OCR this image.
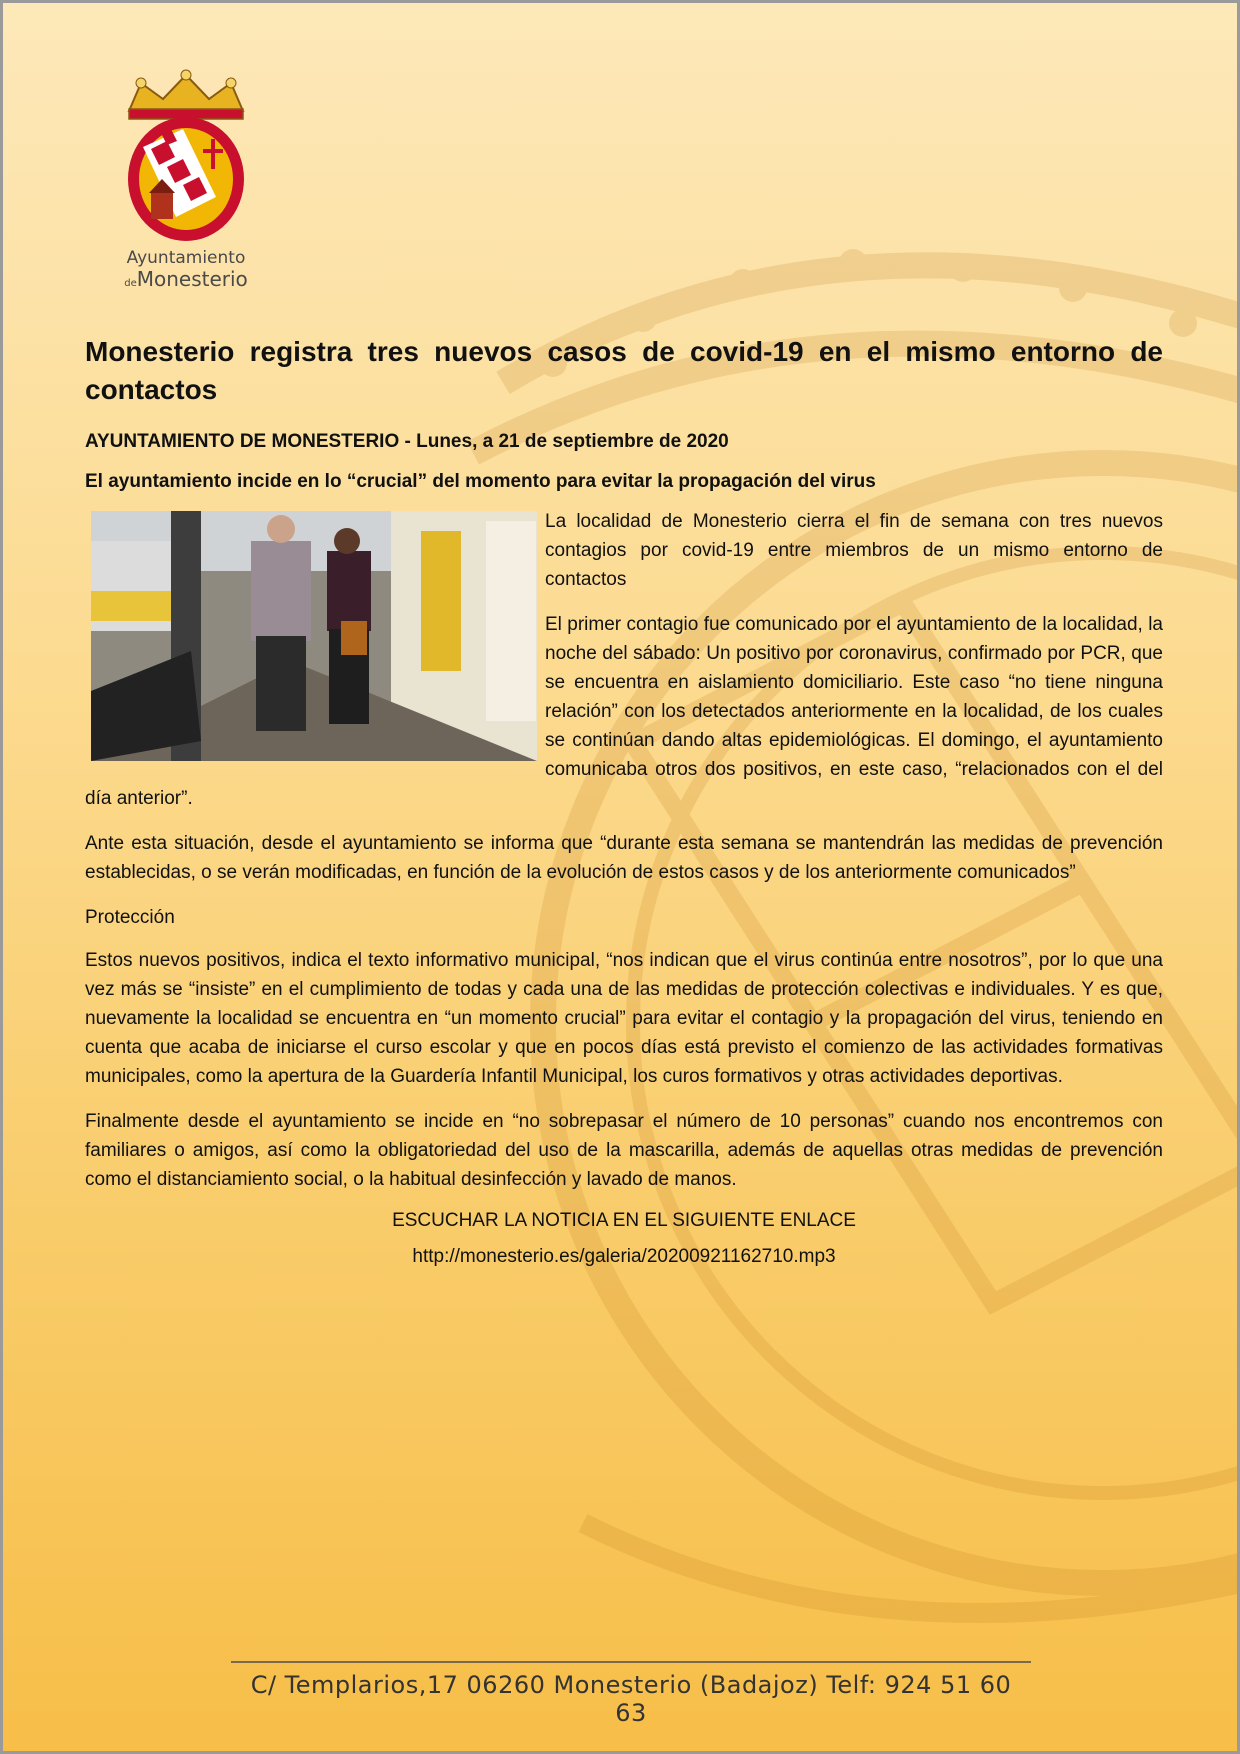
Ayuntamiento
deMonesterio
Monesterio registra tres nuevos casos de covid-19 en el mismo entorno de contactos
AYUNTAMIENTO DE MONESTERIO - Lunes, a 21 de septiembre de 2020
El ayuntamiento incide en lo “crucial” del momento para evitar la propagación del virus

La localidad de Monesterio cierra el fin de semana con tres nuevos contagios por covid-19 entre miembros de un mismo entorno de contactos

El primer contagio fue comunicado por el ayuntamiento de la localidad, la noche del sábado: Un positivo por coronavirus, confirmado por PCR, que se encuentra en aislamiento domiciliario. Este caso “no tiene ninguna relación” con los detectados anteriormente en la localidad, de los cuales se continúan dando altas epidemiológicas. El domingo, el ayuntamiento comunicaba otros dos positivos, en este caso, “relacionados con el del día anterior”.

Ante esta situación, desde el ayuntamiento se informa que “durante esta semana se mantendrán las medidas de prevención establecidas, o se verán modificadas, en función de la evolución de estos casos y de los anteriormente comunicados”

Protección

Estos nuevos positivos, indica el texto informativo municipal, “nos indican que el virus continúa entre nosotros”, por lo que una vez más se “insiste” en el cumplimiento de todas y cada una de las medidas de protección colectivas e individuales. Y es que, nuevamente la localidad se encuentra en “un momento crucial” para evitar el contagio y la propagación del virus, teniendo en cuenta que acaba de iniciarse el curso escolar y que en pocos días está previsto el comienzo de las actividades formativas municipales, como la apertura de la Guardería Infantil Municipal, los curos formativos y otras actividades deportivas.

Finalmente desde el ayuntamiento se incide en “no sobrepasar el número de 10 personas” cuando nos encontremos con familiares o amigos, así como la obligatoriedad del uso de la mascarilla, además de aquellas otras medidas de prevención como el distanciamiento social, o la habitual desinfección y lavado de manos.

ESCUCHAR LA NOTICIA EN EL SIGUIENTE ENLACE
http://monesterio.es/galeria/20200921162710.mp3
C/ Templarios,17 06260 Monesterio (Badajoz) Telf: 924 51 60 63
